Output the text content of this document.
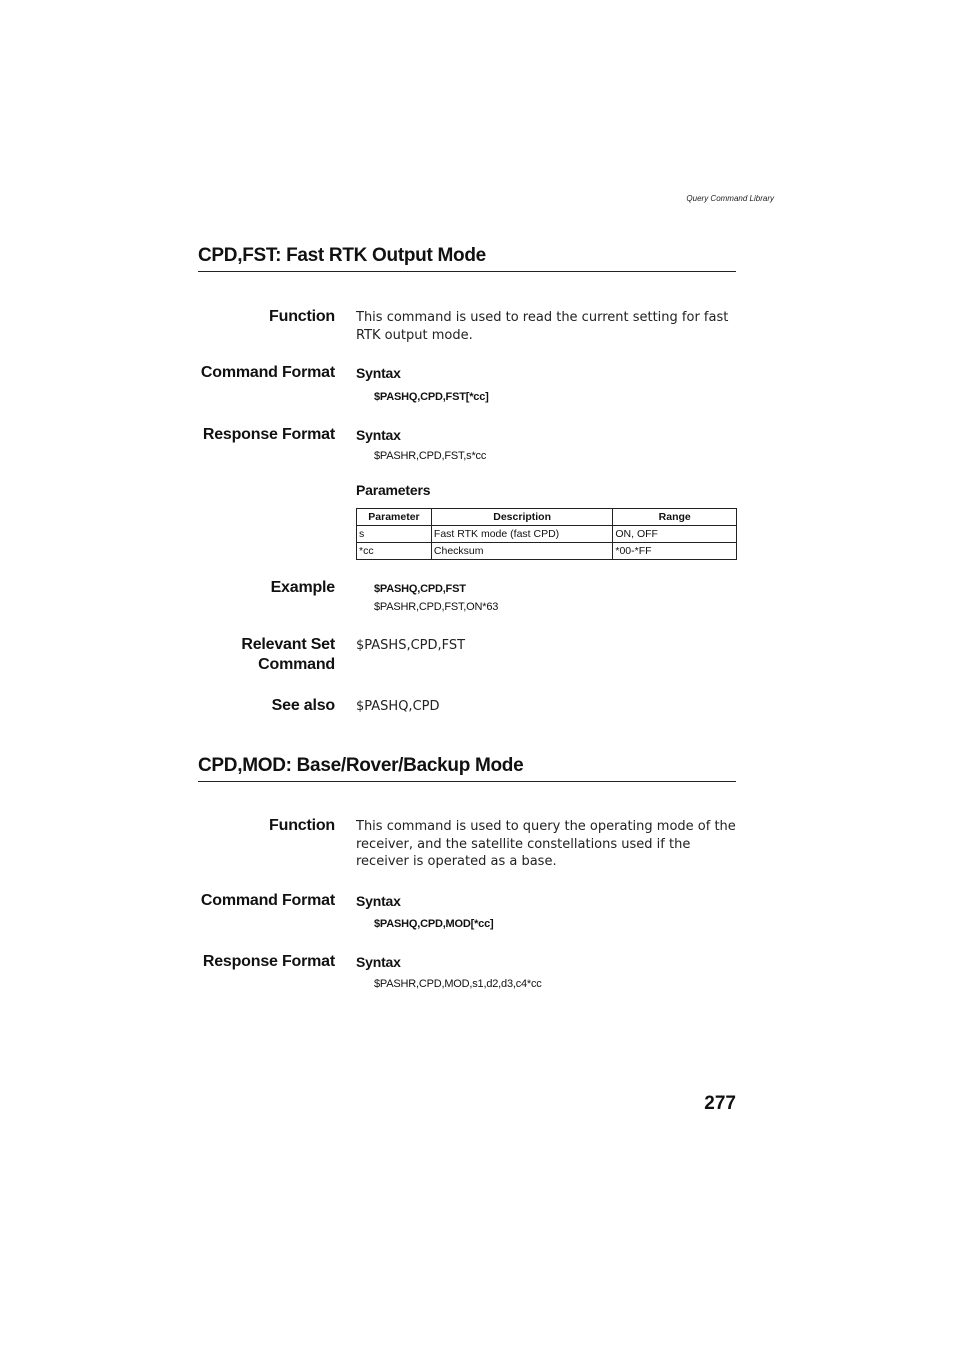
Query Command Library
CPD,FST: Fast RTK Output Mode
Function This command is used to read the current setting for fast RTK output mode.
Command Format Syntax
$PASHQ,CPD,FST[*cc]
Response Format Syntax
$PASHR,CPD,FST,s*cc
Parameters
Parameter	Description	Range
s	Fast RTK mode (fast CPD)	ON, OFF
*cc	Checksum	*00-*FF
Example	$PASHQ,CPD,FST
$PASHR,CPD,FST,ON*63
Relevant Set
Command
$PASHS,CPD,FST
See also $PASHQ,CPD
CPD,MOD: Base/Rover/Backup Mode
Function This command is used to query the operating mode of the receiver, and the satellite constellations used if the receiver is operated as a base.
Command Format Syntax
$PASHQ,CPD,MOD[*cc]
Response Format Syntax
$PASHR,CPD,MOD,s1,d2,d3,c4*cc
277
